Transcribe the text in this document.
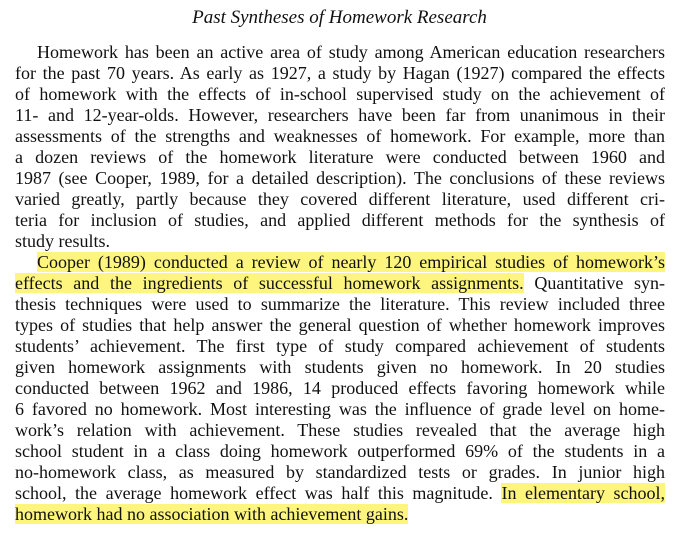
Past Syntheses of Homework Research
Homework has been an active area of study among American education researchers
for the past 70 years. As early as 1927, a study by Hagan (1927) compared the effects
of homework with the effects of in-school supervised study on the achievement of
11- and 12-year-olds. However, researchers have been far from unanimous in their
assessments of the strengths and weaknesses of homework. For example, more than
a dozen reviews of the homework literature were conducted between 1960 and
1987 (see Cooper, 1989, for a detailed description). The conclusions of these reviews
varied greatly, partly because they covered different literature, used different cri-
teria for inclusion of studies, and applied different methods for the synthesis of
study results.
Cooper (1989) conducted a review of nearly 120 empirical studies of homework’s
effects and the ingredients of successful homework assignments. Quantitative syn-
thesis techniques were used to summarize the literature. This review included three
types of studies that help answer the general question of whether homework improves
students’ achievement. The first type of study compared achievement of students
given homework assignments with students given no homework. In 20 studies
conducted between 1962 and 1986, 14 produced effects favoring homework while
6 favored no homework. Most interesting was the influence of grade level on home-
work’s relation with achievement. These studies revealed that the average high
school student in a class doing homework outperformed 69% of the students in a
no-homework class, as measured by standardized tests or grades. In junior high
school, the average homework effect was half this magnitude. In elementary school,
homework had no association with achievement gains.
